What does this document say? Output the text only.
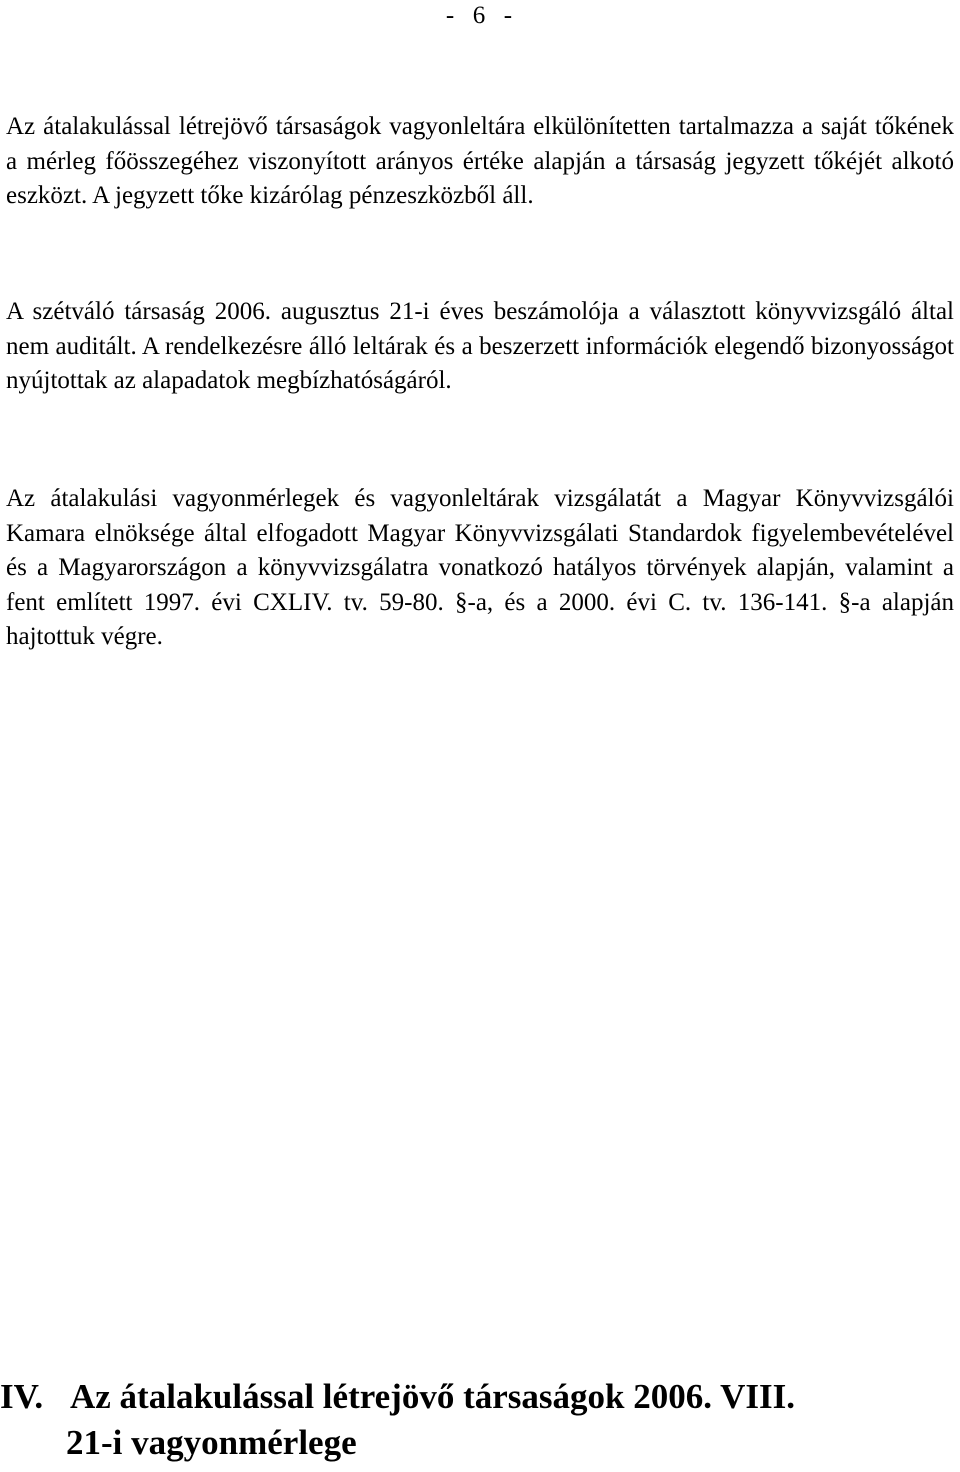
-  6  -

Az átalakulással létrejövő társaságok vagyonleltára elkülönítetten tartalmazza a saját tőkének a mérleg főösszegéhez viszonyított arányos értéke alapján a társaság jegyzett tőkéjét alkotó eszközt. A jegyzett tőke kizárólag pénzeszközből áll.

A szétváló társaság 2006. augusztus 21-i éves beszámolója a választott könyvvizsgáló által nem auditált. A rendelkezésre álló leltárak és a beszerzett információk elegendő bizonyosságot nyújtottak az alapadatok megbízhatóságáról.

Az átalakulási vagyonmérlegek és vagyonleltárak vizsgálatát a Magyar Könyvvizsgálói Kamara elnöksége által elfogadott Magyar Könyvvizsgálati Standardok figyelembevételével és a Magyarországon a könyvvizsgálatra vonatkozó hatályos törvények alapján, valamint a fent említett 1997. évi CXLIV. tv. 59-80. §-a, és a 2000. évi C. tv. 136-141. §-a alapján hajtottuk végre.

IV. Az átalakulással létrejövő társaságok 2006. VIII.
21-i vagyonmérlege
